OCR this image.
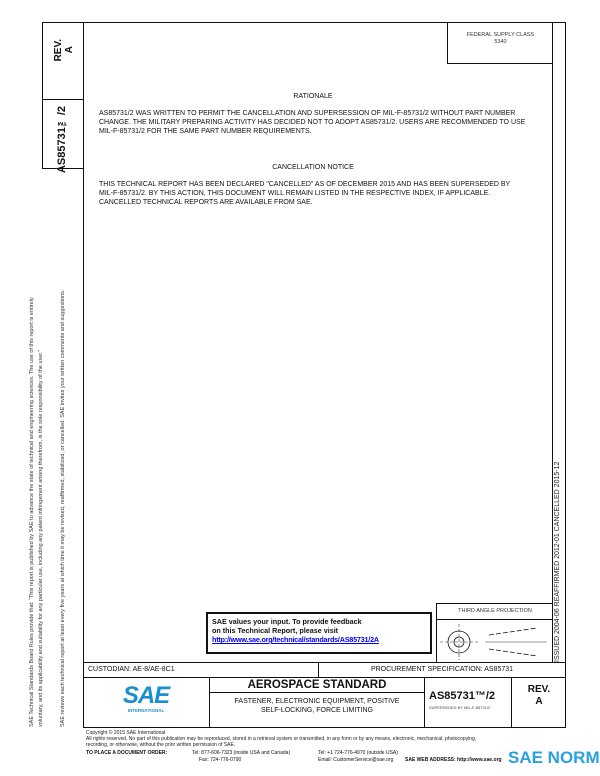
REV.
A
AS85731™/2
SAE Technical Standards Board Rules provide that: “This report is published by SAE to advance the state of technical and engineering sciences. The use of this report is entirely voluntary, and its applicability and suitability for any particular use, including any patent infringement arising therefrom, is the sole responsibility of the user.”	SAE reviews each technical report at least every five years at which time it may be revised, reaffirmed, stabilized, or cancelled. SAE invites your written comments and suggestions.
FEDERAL SUPPLY CLASS
5340
RATIONALE
AS85731/2 WAS WRITTEN TO PERMIT THE CANCELLATION AND SUPERSESSION OF MIL-F-85731/2 WITHOUT PART NUMBER CHANGE. THE MILITARY PREPARING ACTIVITY HAS DECIDED NOT TO ADOPT AS85731/2. USERS ARE RECOMMENDED TO USE MIL-F-85731/2 FOR THE SAME PART NUMBER REQUIREMENTS.
CANCELLATION NOTICE
THIS TECHNICAL REPORT HAS BEEN DECLARED "CANCELLED" AS OF DECEMBER 2015 AND HAS BEEN SUPERSEDED BY MIL-F-85731/2. BY THIS ACTION, THIS DOCUMENT WILL REMAIN LISTED IN THE RESPECTIVE INDEX, IF APPLICABLE. CANCELLED TECHNICAL REPORTS ARE AVAILABLE FROM SAE.
ISSUED 2004-06 REAFFIRMED 2012-01 CANCELLED 2015-12
SAE values your input. To provide feedback
on this Technical Report, please visit
http://www.sae.org/technical/standards/AS85731/2A
THIRD ANGLE PROJECTION
CUSTODIAN: AE-8/AE-8C1	PROCUREMENT SPECIFICATION: AS85731
SAE
INTERNATIONAL
AEROSPACE STANDARD
FASTENER, ELECTRONIC EQUIPMENT, POSITIVE SELF-LOCKING, FORCE LIMITING
AS85731™/2
SUPERSEDED BY MIL-F-85731/2
REV.
A
Copyright © 2015 SAE International
All rights reserved. No part of this publication may be reproduced, stored in a retrieval system or transmitted, in any form or by any means, electronic, mechanical, photocopying,
recording, or otherwise, without the prior written permission of SAE.
TO PLACE A DOCUMENT ORDER:	Tel: 877-606-7323 (inside USA and Canada)
Fax: 724-776-0790
Tel: +1 724-776-4970 (outside USA)
Email: CustomerService@sae.org	SAE WEB ADDRESS: http://www.sae.org SAE NORM
